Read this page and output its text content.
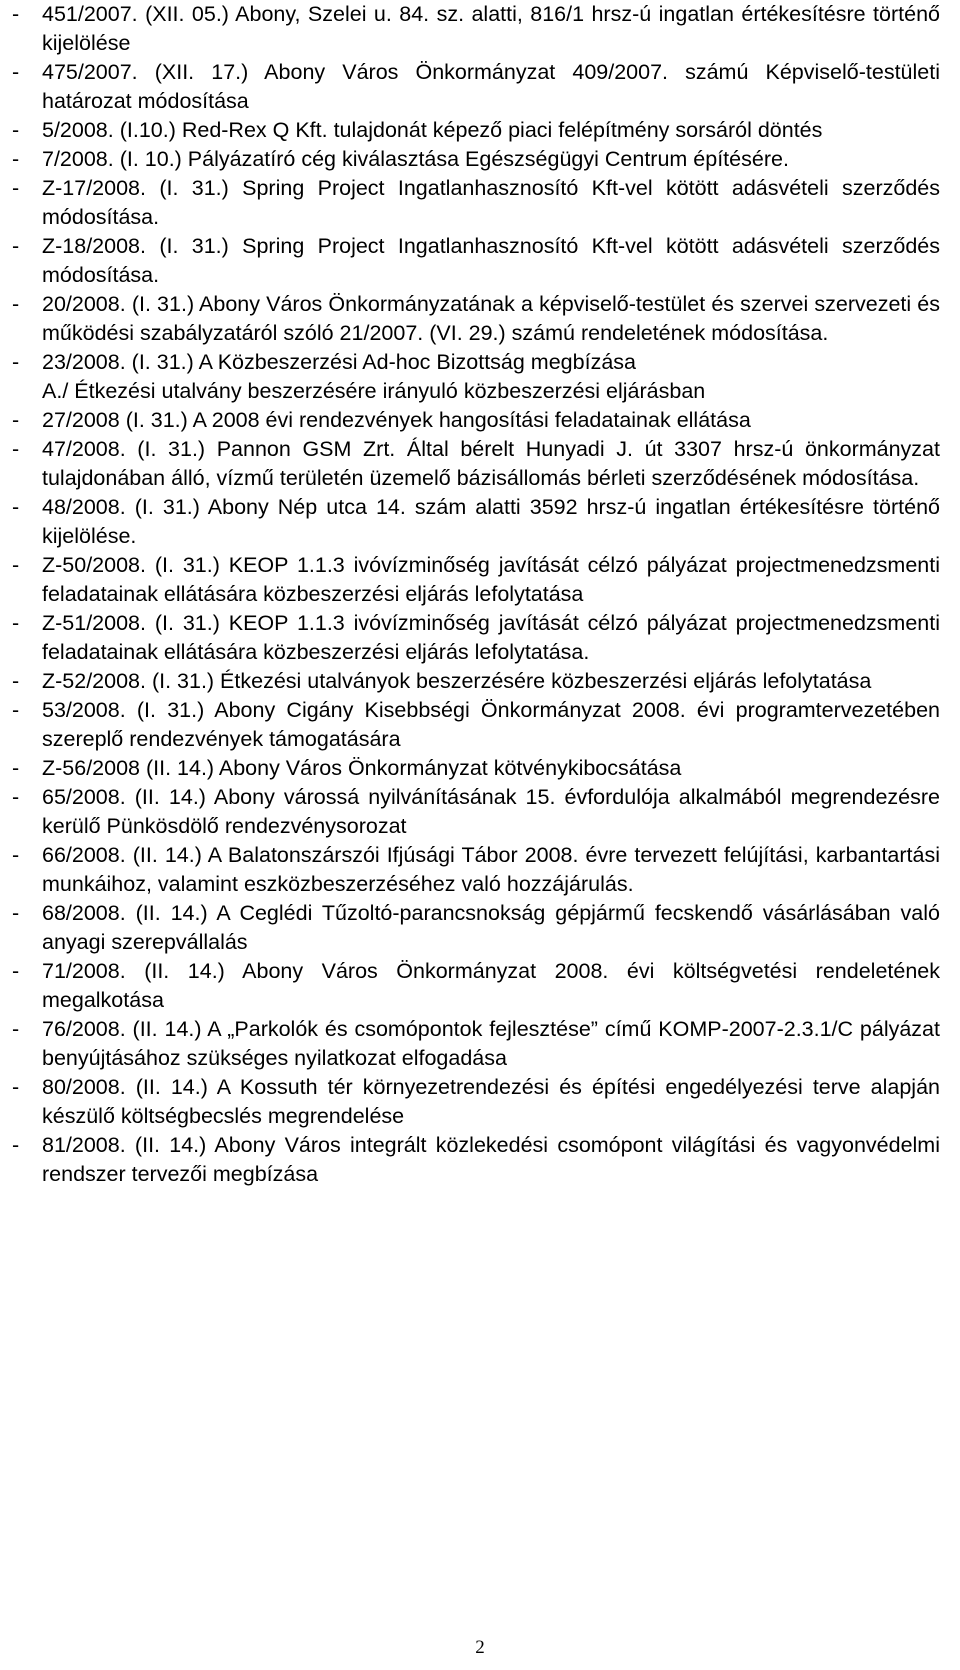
-	451/2007. (XII. 05.) Abony, Szelei u. 84. sz. alatti, 816/1 hrsz-ú ingatlan értékesítésre történő kijelölése
-	475/2007. (XII. 17.) Abony Város Önkormányzat 409/2007. számú Képviselő-testületi határozat módosítása
-	5/2008. (I.10.) Red-Rex Q Kft. tulajdonát képező piaci felépítmény sorsáról döntés
-	7/2008. (I. 10.) Pályázatíró cég kiválasztása Egészségügyi Centrum építésére.
-	Z-17/2008. (I. 31.) Spring Project Ingatlanhasznosító Kft-vel kötött adásvételi szerződés módosítása.
-	Z-18/2008. (I. 31.) Spring Project Ingatlanhasznosító Kft-vel kötött adásvételi szerződés módosítása.
-	20/2008. (I. 31.) Abony Város Önkormányzatának a képviselő-testület és szervei szervezeti és működési szabályzatáról szóló 21/2007. (VI. 29.) számú rendeletének módosítása.
-	23/2008. (I. 31.) A Közbeszerzési Ad-hoc Bizottság megbízása
A./ Étkezési utalvány beszerzésére irányuló közbeszerzési eljárásban
-	27/2008 (I. 31.) A 2008 évi rendezvények hangosítási feladatainak ellátása
-	47/2008. (I. 31.) Pannon GSM Zrt. Által bérelt Hunyadi J. út 3307 hrsz-ú önkormányzat tulajdonában álló, vízmű területén üzemelő bázisállomás bérleti szerződésének módosítása.
-	48/2008. (I. 31.) Abony Nép utca 14. szám alatti 3592 hrsz-ú ingatlan értékesítésre történő kijelölése.
-	Z-50/2008. (I. 31.) KEOP 1.1.3 ivóvízminőség javítását célzó pályázat projectmenedzsmenti feladatainak ellátására közbeszerzési eljárás lefolytatása
-	Z-51/2008. (I. 31.) KEOP 1.1.3 ivóvízminőség javítását célzó pályázat projectmenedzsmenti feladatainak ellátására közbeszerzési eljárás lefolytatása.
-	Z-52/2008. (I. 31.) Étkezési utalványok beszerzésére közbeszerzési eljárás lefolytatása
-	53/2008. (I. 31.) Abony Cigány Kisebbségi Önkormányzat 2008. évi programtervezetében szereplő rendezvények támogatására
-	Z-56/2008 (II. 14.) Abony Város Önkormányzat kötvénykibocsátása
-	65/2008. (II. 14.) Abony várossá nyilvánításának 15. évfordulója alkalmából megrendezésre kerülő Pünkösdölő rendezvénysorozat
-	66/2008. (II. 14.) A Balatonszárszói Ifjúsági Tábor 2008. évre tervezett felújítási, karbantartási munkáihoz, valamint eszközbeszerzéséhez való hozzájárulás.
-	68/2008. (II. 14.) A Ceglédi Tűzoltó-parancsnokság gépjármű fecskendő vásárlásában való anyagi szerepvállalás
-	71/2008. (II. 14.) Abony Város Önkormányzat 2008. évi költségvetési rendeletének megalkotása
-	76/2008. (II. 14.) A „Parkolók és csomópontok fejlesztése” című KOMP-2007-2.3.1/C pályázat benyújtásához szükséges nyilatkozat elfogadása
-	80/2008. (II. 14.) A Kossuth tér környezetrendezési és építési engedélyezési terve alapján készülő költségbecslés megrendelése
-	81/2008. (II. 14.) Abony Város integrált közlekedési csomópont világítási és vagyonvédelmi rendszer tervezői megbízása
2
